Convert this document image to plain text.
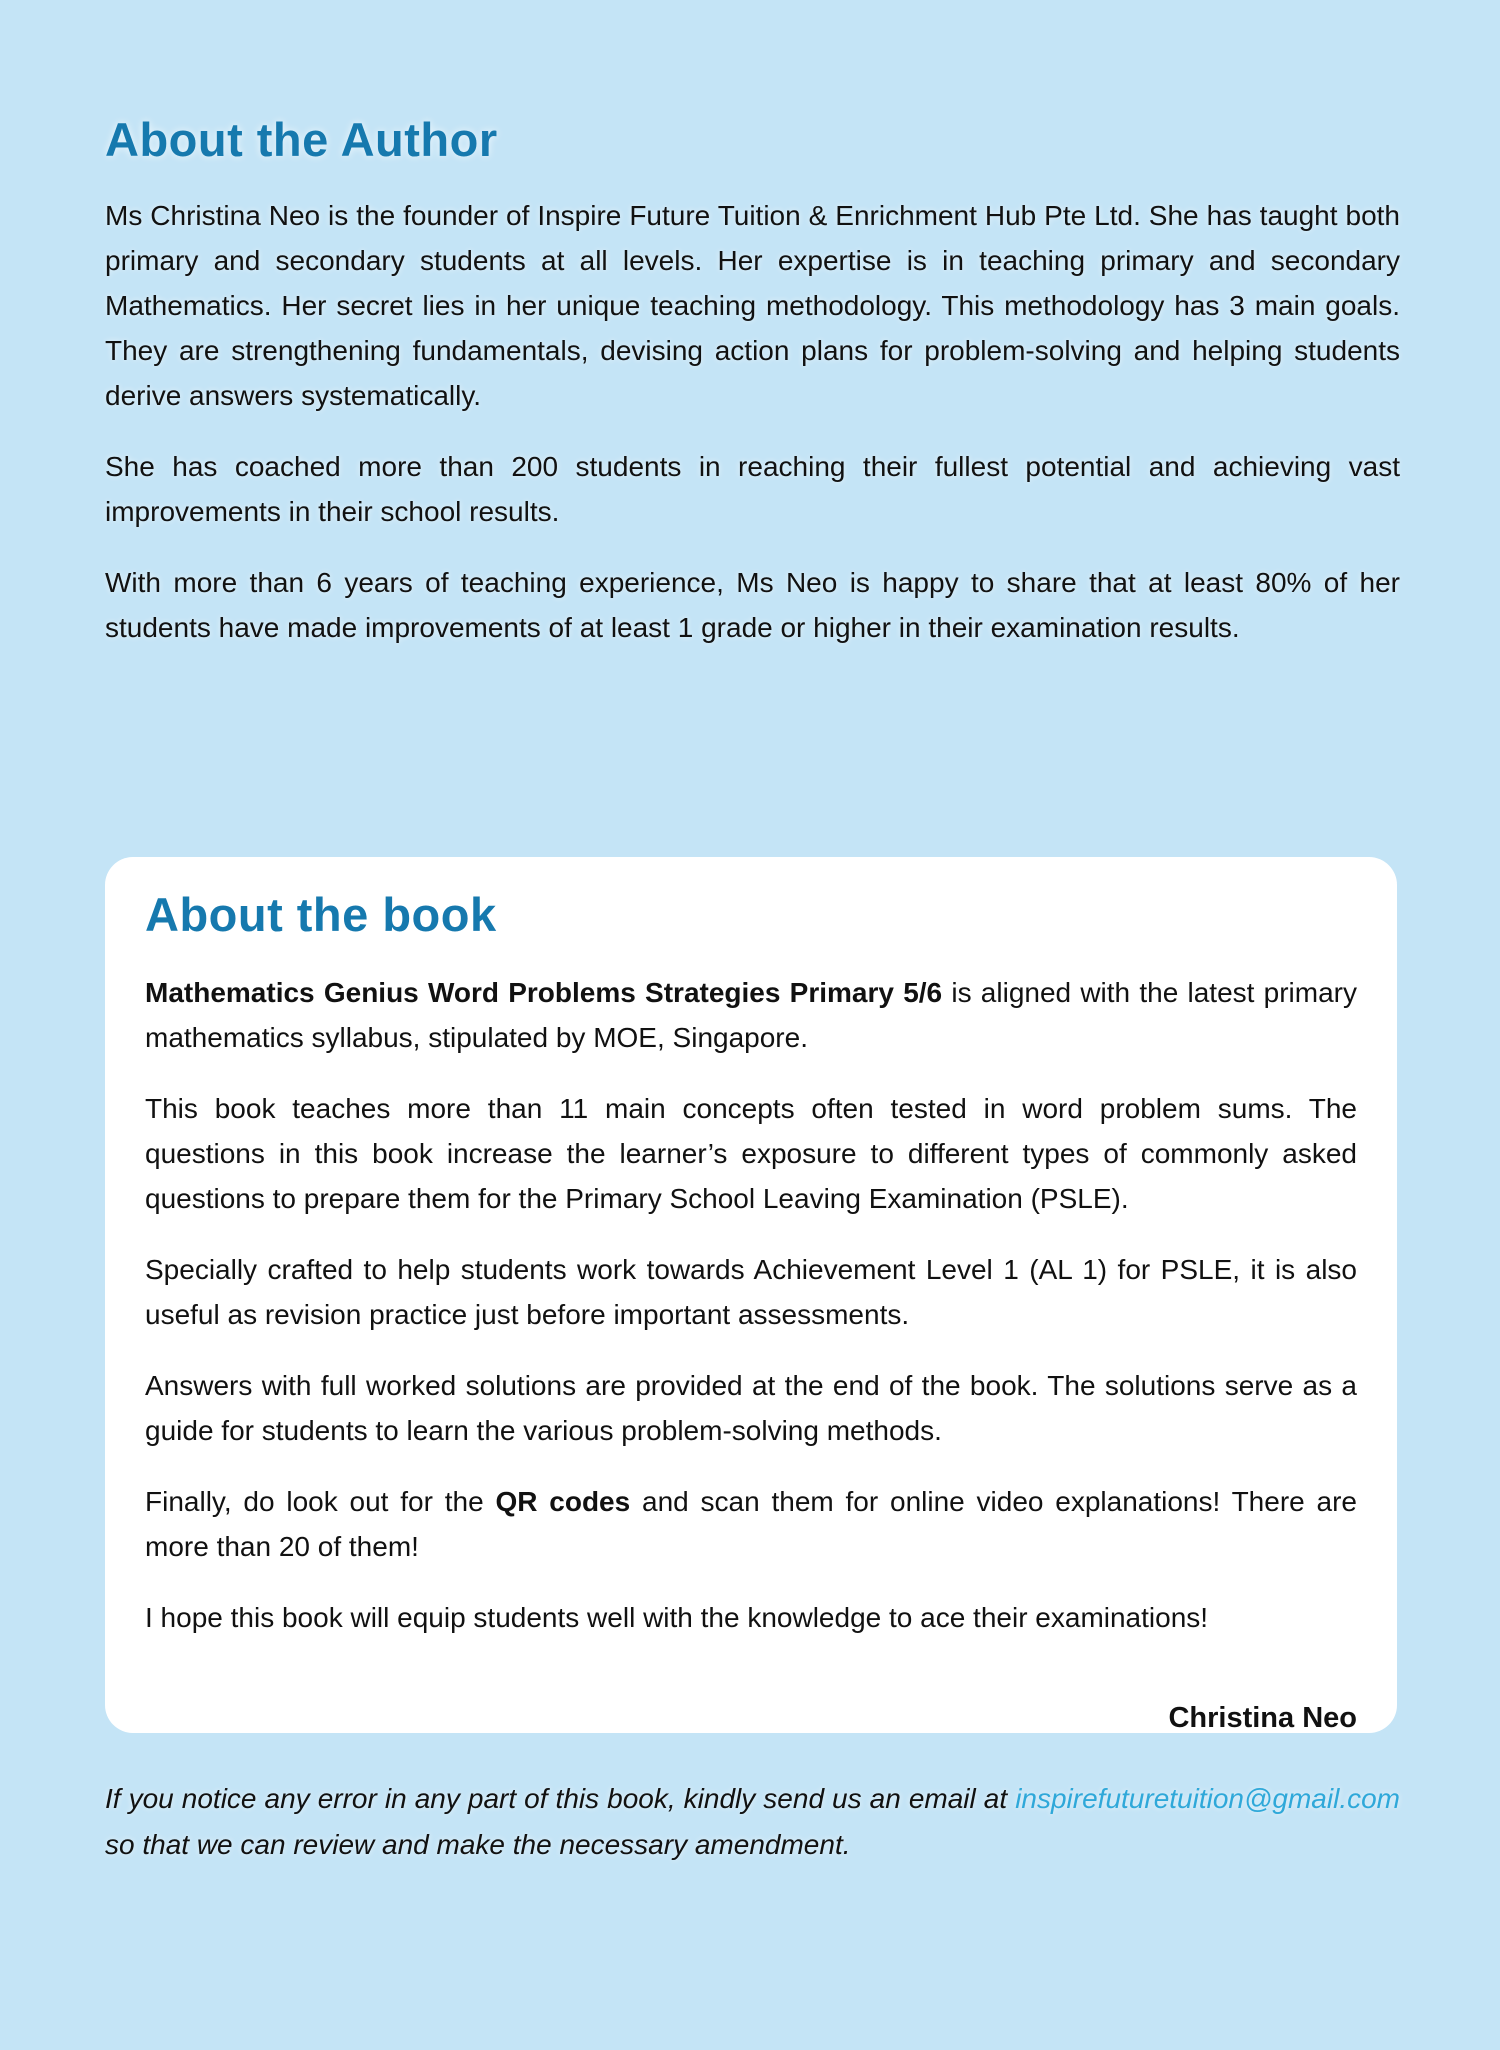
About the Author

Ms Christina Neo is the founder of Inspire Future Tuition & Enrichment Hub Pte Ltd. She has taught both primary and secondary students at all levels. Her expertise is in teaching primary and secondary Mathematics. Her secret lies in her unique teaching methodology. This methodology has 3 main goals. They are strengthening fundamentals, devising action plans for problem-solving and helping students derive answers systematically.

She has coached more than 200 students in reaching their fullest potential and achieving vast improvements in their school results.

With more than 6 years of teaching experience, Ms Neo is happy to share that at least 80% of her students have made improvements of at least 1 grade or higher in their examination results.

About the book

Mathematics Genius Word Problems Strategies Primary 5/6 is aligned with the latest primary mathematics syllabus, stipulated by MOE, Singapore.

This book teaches more than 11 main concepts often tested in word problem sums. The questions in this book increase the learner’s exposure to different types of commonly asked questions to prepare them for the Primary School Leaving Examination (PSLE).

Specially crafted to help students work towards Achievement Level 1 (AL 1) for PSLE, it is also useful as revision practice just before important assessments.

Answers with full worked solutions are provided at the end of the book. The solutions serve as a guide for students to learn the various problem-solving methods.

Finally, do look out for the QR codes and scan them for online video explanations! There are more than 20 of them!

I hope this book will equip students well with the knowledge to ace their examinations!

Christina Neo

If you notice any error in any part of this book, kindly send us an email at inspirefuturetuition@gmail.com so that we can review and make the necessary amendment.
